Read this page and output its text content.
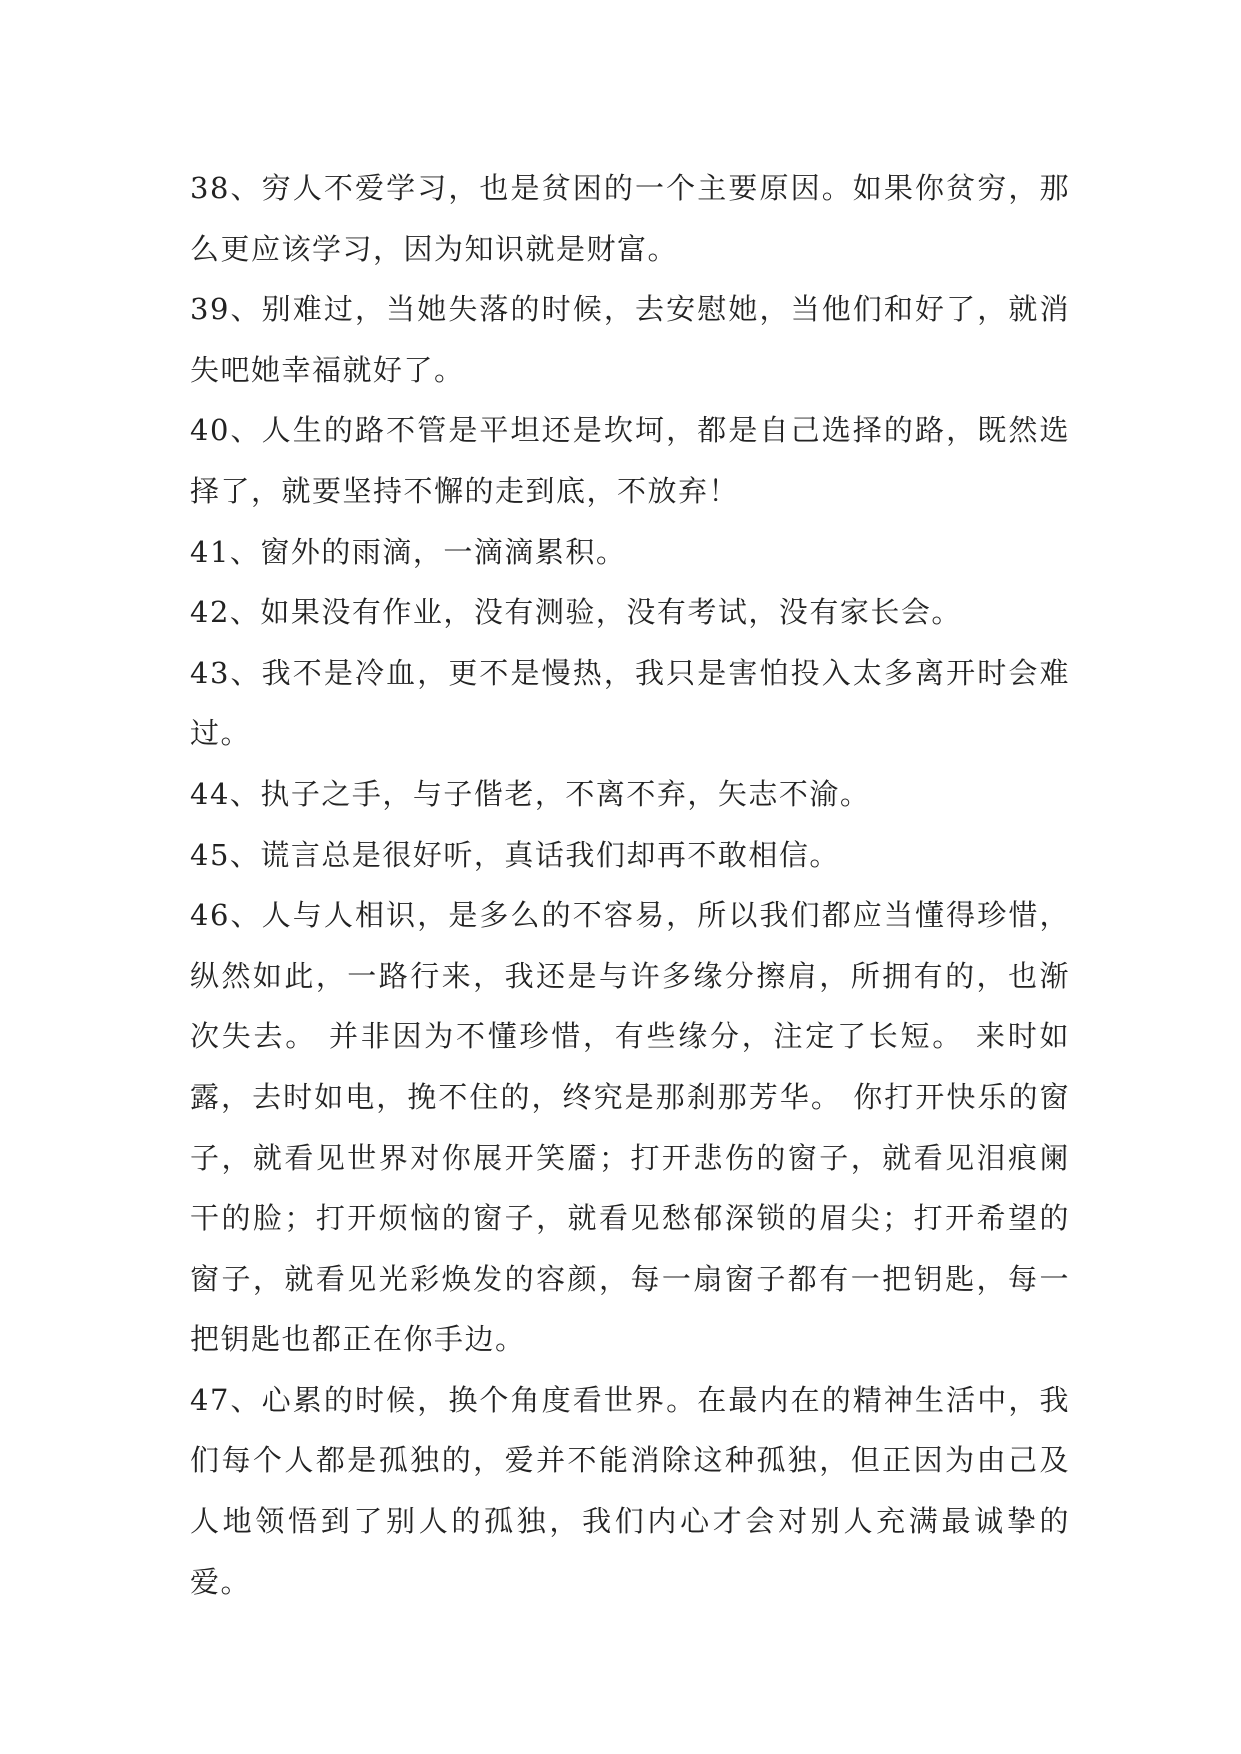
38、穷人不爱学习，也是贫困的一个主要原因。如果你贫穷，那么更应该学习，因为知识就是财富。

39、别难过，当她失落的时候，去安慰她，当他们和好了，就消失吧她幸福就好了。

40、人生的路不管是平坦还是坎坷，都是自己选择的路，既然选择了，就要坚持不懈的走到底，不放弃！

41、窗外的雨滴，一滴滴累积。

42、如果没有作业，没有测验，没有考试，没有家长会。

43、我不是冷血，更不是慢热，我只是害怕投入太多离开时会难过。

44、执子之手，与子偕老，不离不弃，矢志不渝。

45、谎言总是很好听，真话我们却再不敢相信。

46、人与人相识，是多么的不容易，所以我们都应当懂得珍惜，纵然如此，一路行来，我还是与许多缘分擦肩，所拥有的，也渐次失去。 并非因为不懂珍惜，有些缘分，注定了长短。 来时如露，去时如电，挽不住的，终究是那刹那芳华。 你打开快乐的窗子，就看见世界对你展开笑靥；打开悲伤的窗子，就看见泪痕阑干的脸；打开烦恼的窗子，就看见愁郁深锁的眉尖；打开希望的窗子，就看见光彩焕发的容颜，每一扇窗子都有一把钥匙，每一把钥匙也都正在你手边。

47、心累的时候，换个角度看世界。在最内在的精神生活中，我们每个人都是孤独的，爱并不能消除这种孤独，但正因为由己及人地领悟到了别人的孤独，我们内心才会对别人充满最诚挚的爱。
